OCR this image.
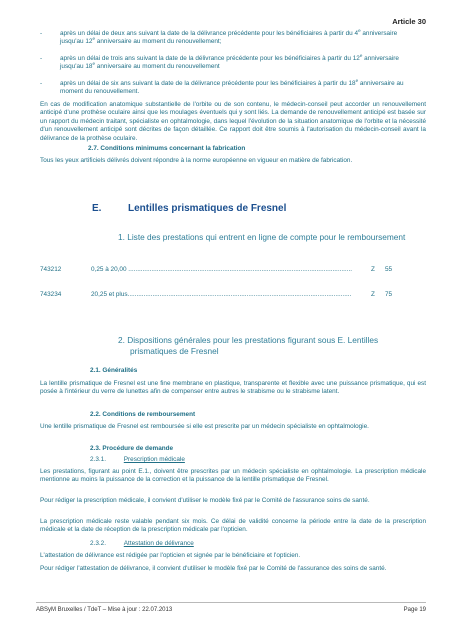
Article 30
-	après un délai de deux ans suivant la date de la délivrance précédente pour les bénéficiaires à partir du 4e anniversaire jusqu'au 12e anniversaire au moment du renouvellement;
-	après un délai de trois ans suivant la date de la délivrance précédente pour les bénéficiaires à partir du 12e anniversaire jusqu'au 18e anniversaire au moment du renouvellement
-	après un délai de six ans suivant la date de la délivrance précédente pour les bénéficiaires à partir du 18e anniversaire au moment du renouvellement.
En cas de modification anatomique substantielle de l'orbite ou de son contenu, le médecin-conseil peut accorder un renouvellement anticipé d'une prothèse oculaire ainsi que les moulages éventuels qui y sont liés. La demande de renouvellement anticipé est basée sur un rapport du médecin traitant, spécialiste en ophtalmologie, dans lequel l'évolution de la situation anatomique de l'orbite et la nécessité d'un renouvellement anticipé sont décrites de façon détaillée. Ce rapport doit être soumis à l'autorisation du médecin-conseil avant la délivrance de la prothèse oculaire.
2.7. Conditions minimums concernant la fabrication
Tous les yeux artificiels délivrés doivent répondre à la norme européenne en vigueur en matière de fabrication.
E.	Lentilles prismatiques de Fresnel
1. Liste des prestations qui entrent en ligne de compte pour le remboursement
743212	0,25 à 20,00 ..............................................................................................................................	Z 55
743234	20,25 et plus..............................................................................................................................	Z 75
2. Dispositions générales pour les prestations figurant sous E. Lentilles
prismatiques de Fresnel
2.1. Généralités
La lentille prismatique de Fresnel est une fine membrane en plastique, transparente et flexible avec une puissance prismatique, qui est posée à l'intérieur du verre de lunettes afin de compenser entre autres le strabisme ou le strabisme latent.
2.2. Conditions de remboursement
Une lentille prismatique de Fresnel est remboursée si elle est prescrite par un médecin spécialiste en ophtalmologie.
2.3. Procédure de demande
2.3.1.	Prescription médicale
Les prestations, figurant au point E.1., doivent être prescrites par un médecin spécialiste en ophtalmologie. La prescription médicale mentionne au moins la puissance de la correction et la puissance de la lentille prismatique de Fresnel.
Pour rédiger la prescription médicale, il convient d'utiliser le modèle fixé par le Comité de l'assurance soins de santé.
La prescription médicale reste valable pendant six mois. Ce délai de validité concerne la période entre la date de la prescription médicale et la date de réception de la prescription médicale par l'opticien.
2.3.2.	Attestation de délivrance
L'attestation de délivrance est rédigée par l'opticien et signée par le bénéficiaire et l'opticien.
Pour rédiger l'attestation de délivrance, il convient d'utiliser le modèle fixé par le Comité de l'assurance des soins de santé.
ABSyM Bruxelles / TdeT – Mise à jour : 22.07.2013	Page 19
